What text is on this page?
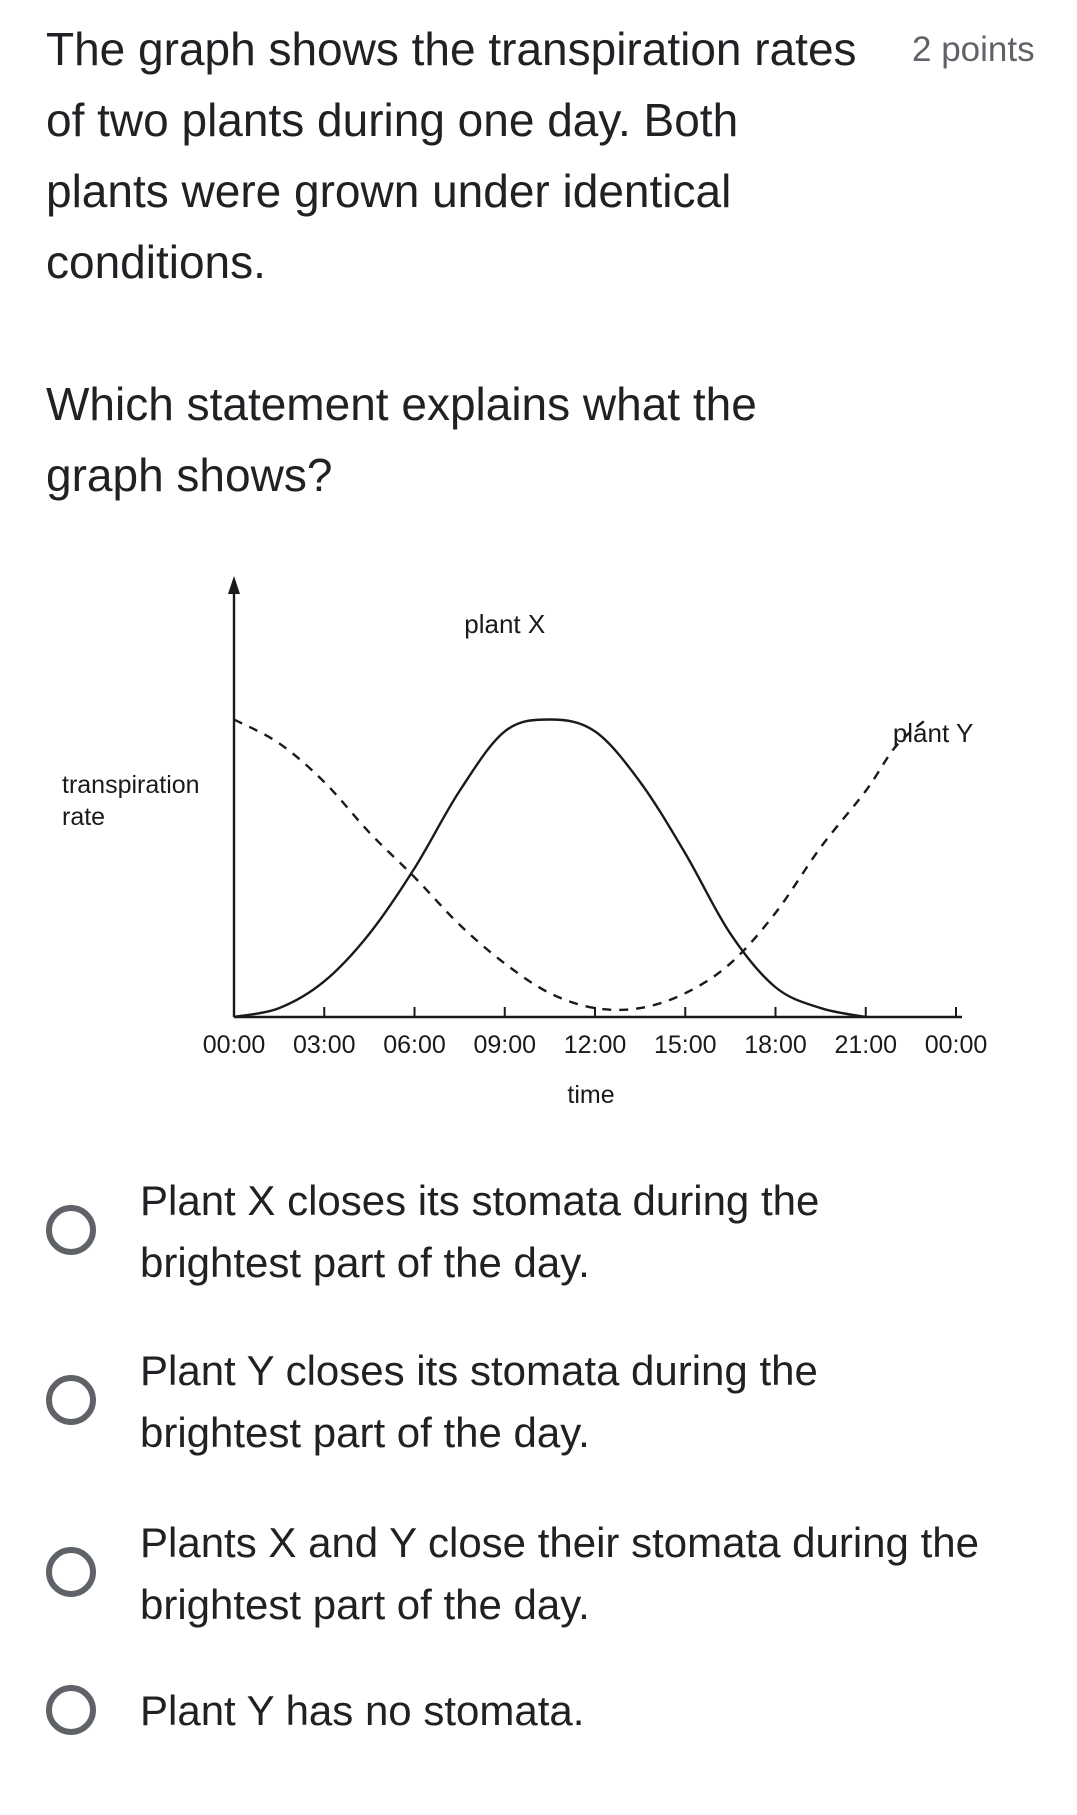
The graph shows the transpiration rates

of two plants during one day. Both

plants were grown under identical

conditions.

Which statement explains what the

graph shows?

2 points
transpiration
rate
time
00:00 03:00 06:00 09:00 12:00 15:00 18:00 21:00 00:00
plant X
plant Y
Plant X closes its stomata during the
brightest part of the day.
Plant Y closes its stomata during the
brightest part of the day.
Plants X and Y close their stomata during the
brightest part of the day.
Plant Y has no stomata.
